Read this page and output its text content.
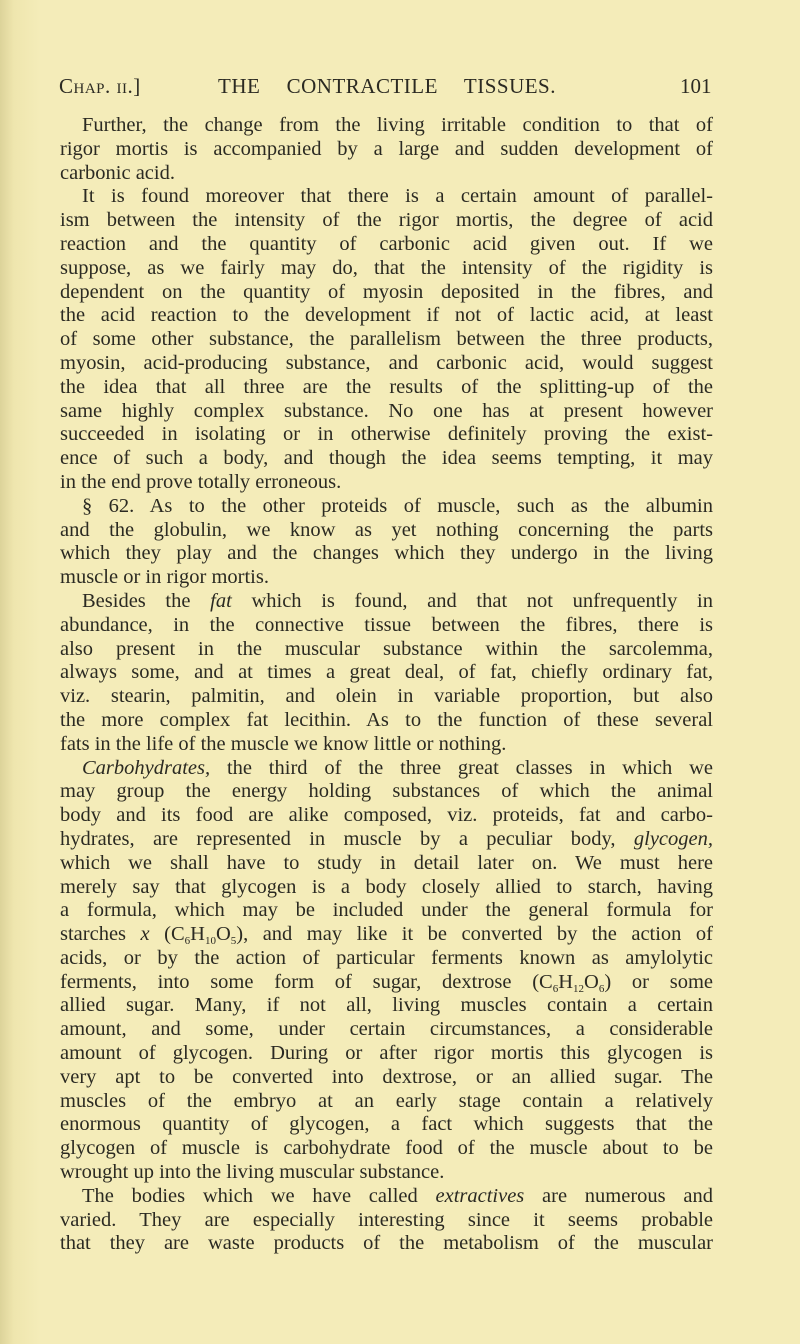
Chap. ii.]	THE CONTRACTILE TISSUES.	101
Further, the change from the living irritable condition to that of
rigor mortis is accompanied by a large and sudden development of
carbonic acid.
It is found moreover that there is a certain amount of parallel-
ism between the intensity of the rigor mortis, the degree of acid
reaction and the quantity of carbonic acid given out. If we
suppose, as we fairly may do, that the intensity of the rigidity is
dependent on the quantity of myosin deposited in the fibres, and
the acid reaction to the development if not of lactic acid, at least
of some other substance, the parallelism between the three products,
myosin, acid-producing substance, and carbonic acid, would suggest
the idea that all three are the results of the splitting-up of the
same highly complex substance. No one has at present however
succeeded in isolating or in otherwise definitely proving the exist-
ence of such a body, and though the idea seems tempting, it may
in the end prove totally erroneous.
§ 62. As to the other proteids of muscle, such as the albumin
and the globulin, we know as yet nothing concerning the parts
which they play and the changes which they undergo in the living
muscle or in rigor mortis.
Besides the fat which is found, and that not unfrequently in
abundance, in the connective tissue between the fibres, there is
also present in the muscular substance within the sarcolemma,
always some, and at times a great deal, of fat, chiefly ordinary fat,
viz. stearin, palmitin, and olein in variable proportion, but also
the more complex fat lecithin. As to the function of these several
fats in the life of the muscle we know little or nothing.
Carbohydrates, the third of the three great classes in which we
may group the energy holding substances of which the animal
body and its food are alike composed, viz. proteids, fat and carbo-
hydrates, are represented in muscle by a peculiar body, glycogen,
which we shall have to study in detail later on. We must here
merely say that glycogen is a body closely allied to starch, having
a formula, which may be included under the general formula for
starches x $(C_6H_{10}O_5)$, and may like it be converted by the action of
acids, or by the action of particular ferments known as amylolytic
ferments, into some form of sugar, dextrose $(C_6H_{12}O_6)$ or some
allied sugar. Many, if not all, living muscles contain a certain
amount, and some, under certain circumstances, a considerable
amount of glycogen. During or after rigor mortis this glycogen is
very apt to be converted into dextrose, or an allied sugar. The
muscles of the embryo at an early stage contain a relatively
enormous quantity of glycogen, a fact which suggests that the
glycogen of muscle is carbohydrate food of the muscle about to be
wrought up into the living muscular substance.
The bodies which we have called extractives are numerous and
varied. They are especially interesting since it seems probable
that they are waste products of the metabolism of the muscular
